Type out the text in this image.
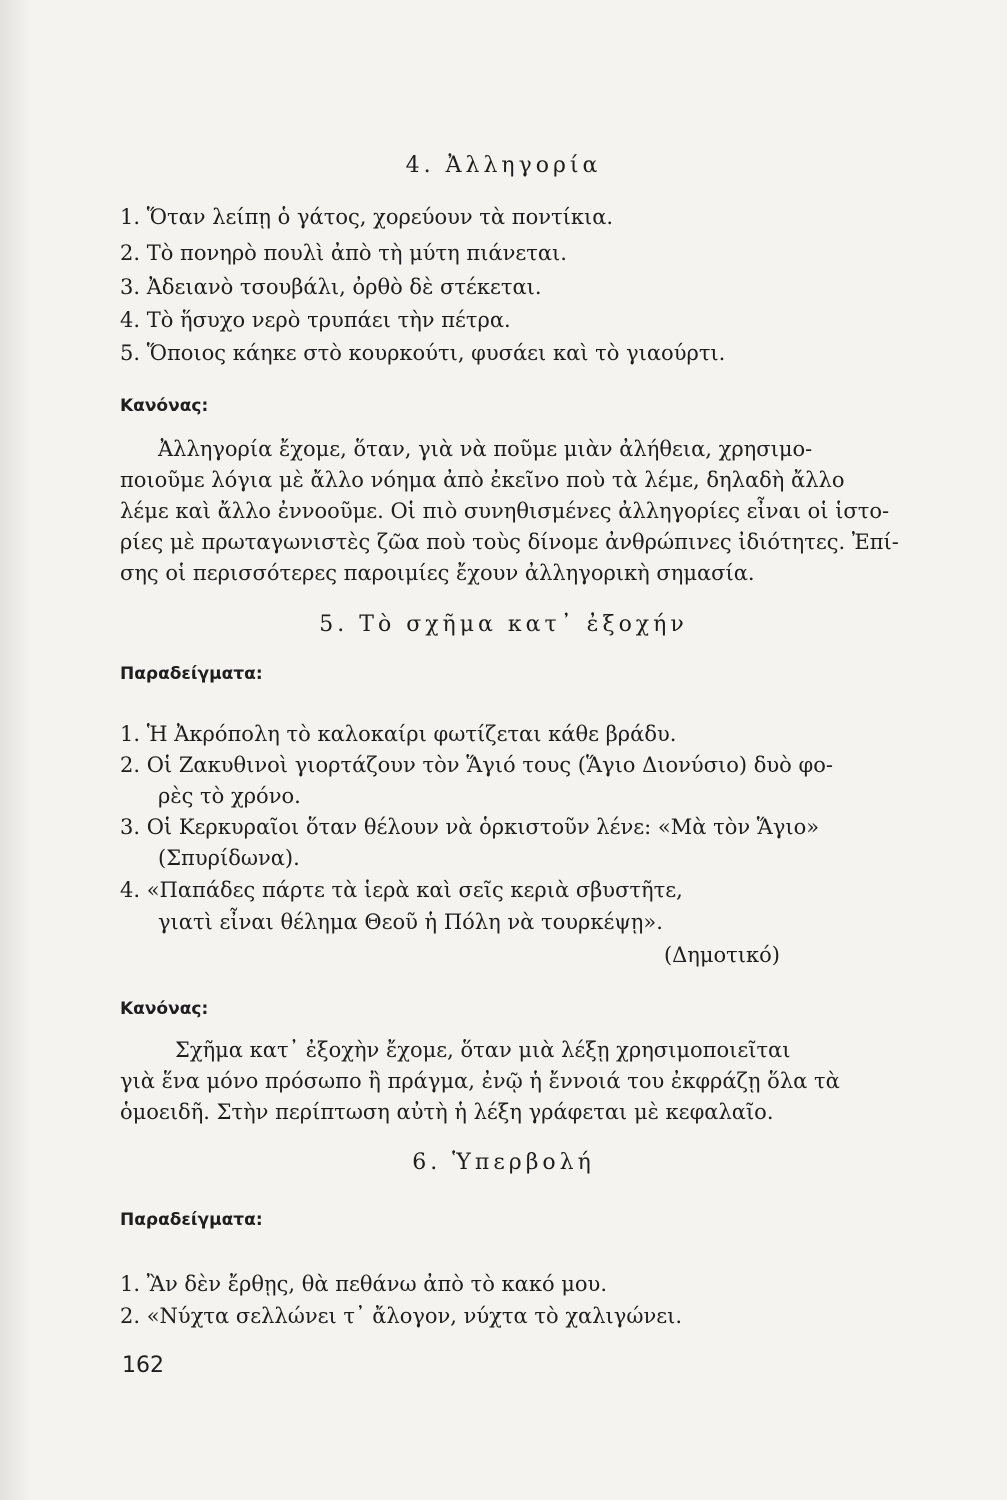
4. Ἀλληγορία
1. Ὅταν λείπῃ ὁ γάτος, χορεύουν τὰ ποντίκια.
2. Τὸ πονηρὸ πουλὶ ἀπὸ τὴ μύτη πιάνεται.
3. Ἀδειανὸ τσουβάλι, ὀρθὸ δὲ στέκεται.
4. Τὸ ἥσυχο νερὸ τρυπάει τὴν πέτρα.
5. Ὅποιος κάηκε στὸ κουρκούτι, φυσάει καὶ τὸ γιαούρτι.
Κανόνας:
Ἀλληγορία ἔχομε, ὅταν, γιὰ νὰ ποῦμε μιὰν ἀλήθεια, χρησιμο-
ποιοῦμε λόγια μὲ ἄλλο νόημα ἀπὸ ἐκεῖνο ποὺ τὰ λέμε, δηλαδὴ ἄλλο
λέμε καὶ ἄλλο ἐννοοῦμε. Οἱ πιὸ συνηθισμένες ἀλληγορίες εἶναι οἱ ἱστο-
ρίες μὲ πρωταγωνιστὲς ζῶα ποὺ τοὺς δίνομε ἀνθρώπινες ἰδιότητες. Ἐπί-
σης οἱ περισσότερες παροιμίες ἔχουν ἀλληγορικὴ σημασία.
5. Τὸ σχῆμα κατ᾽ ἐξοχήν
Παραδείγματα:
1. Ἡ Ἀκρόπολη τὸ καλοκαίρι φωτίζεται κάθε βράδυ.
2. Οἱ Ζακυθινοὶ γιορτάζουν τὸν Ἅγιό τους (Ἅγιο Διονύσιο) δυὸ φο-
ρὲς τὸ χρόνο.
3. Οἱ Κερκυραῖοι ὅταν θέλουν νὰ ὁρκιστοῦν λένε: «Μὰ τὸν Ἅγιο»
(Σπυρίδωνα).
4. «Παπάδες πάρτε τὰ ἱερὰ καὶ σεῖς κεριὰ σβυστῆτε,
γιατὶ εἶναι θέλημα Θεοῦ ἡ Πόλη νὰ τουρκέψῃ».
(Δημοτικό)
Κανόνας:
Σχῆμα κατ᾽ ἐξοχὴν ἔχομε, ὅταν μιὰ λέξῃ χρησιμοποιεῖται
γιὰ ἕνα μόνο πρόσωπο ἢ πράγμα, ἐνῷ ἡ ἔννοιά του ἐκφράζῃ ὅλα τὰ
ὁμοειδῆ. Στὴν περίπτωση αὐτὴ ἡ λέξη γράφεται μὲ κεφαλαῖο.
6. Ὑπερβολή
Παραδείγματα:
1. Ἂν δὲν ἔρθῃς, θὰ πεθάνω ἀπὸ τὸ κακό μου.
2. «Νύχτα σελλώνει τ᾽ ἄλογον, νύχτα τὸ χαλιγώνει.
162
